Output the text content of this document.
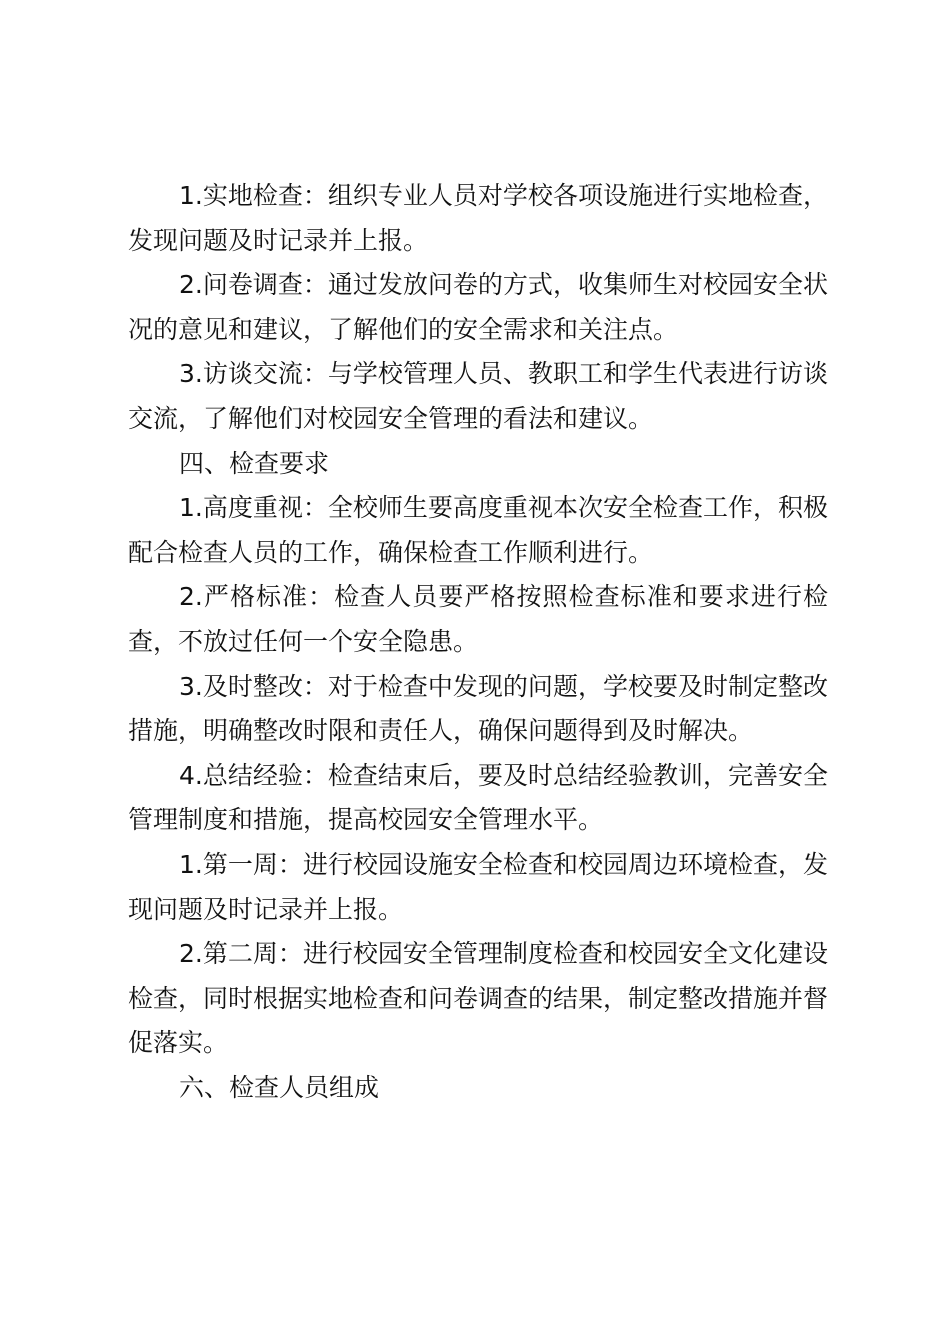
1.实地检查：组织专业人员对学校各项设施进行实地检查，发现问题及时记录并上报。

2.问卷调查：通过发放问卷的方式，收集师生对校园安全状况的意见和建议，了解他们的安全需求和关注点。

3.访谈交流：与学校管理人员、教职工和学生代表进行访谈交流，了解他们对校园安全管理的看法和建议。

四、检查要求

1.高度重视：全校师生要高度重视本次安全检查工作，积极配合检查人员的工作，确保检查工作顺利进行。

2.严格标准：检查人员要严格按照检查标准和要求进行检查，不放过任何一个安全隐患。

3.及时整改：对于检查中发现的问题，学校要及时制定整改措施，明确整改时限和责任人，确保问题得到及时解决。

4.总结经验：检查结束后，要及时总结经验教训，完善安全管理制度和措施，提高校园安全管理水平。

1.第一周：进行校园设施安全检查和校园周边环境检查，发现问题及时记录并上报。

2.第二周：进行校园安全管理制度检查和校园安全文化建设检查，同时根据实地检查和问卷调查的结果，制定整改措施并督促落实。

六、检查人员组成
